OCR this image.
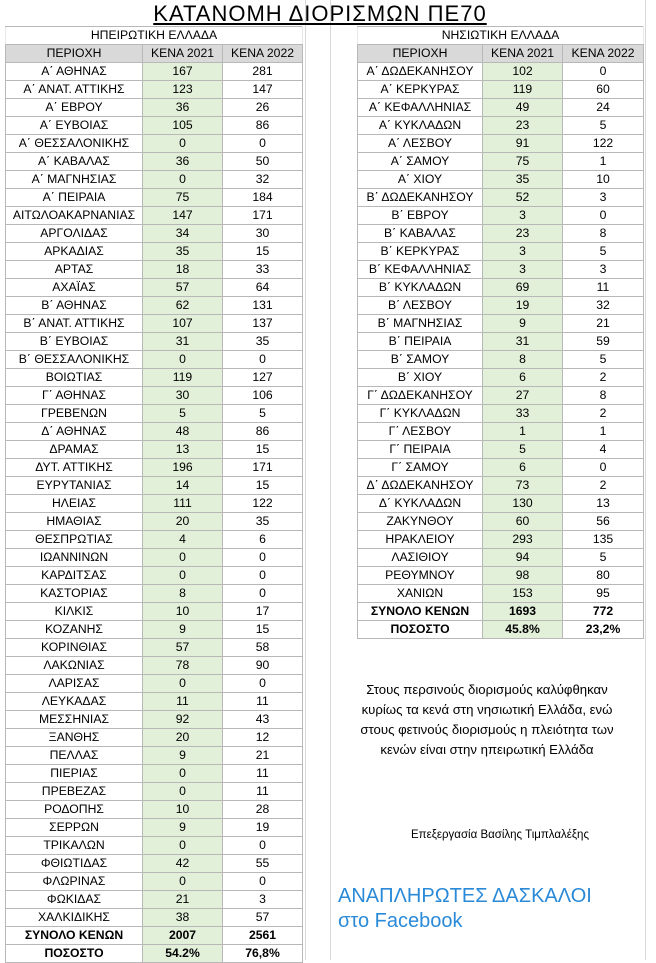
ΚΑΤΑΝΟΜΗ ΔΙΟΡΙΣΜΩΝ ΠΕ70
ΗΠΕΙΡΩΤΙΚΗ ΕΛΛΑΔΑ		
ΠΕΡΙΟΧΗ	ΚΕΝΑ 2021	ΚΕΝΑ 2022
Α΄ ΑΘΗΝΑΣ	167	281
Α΄ ΑΝΑΤ. ΑΤΤΙΚΗΣ	123	147
Α΄ ΕΒΡΟΥ	36	26
Α΄ ΕΥΒΟΙΑΣ	105	86
Α΄ ΘΕΣΣΑΛΟΝΙΚΗΣ	0	0
Α΄ ΚΑΒΑΛΑΣ	36	50
Α΄ ΜΑΓΝΗΣΙΑΣ	0	32
Α΄ ΠΕΙΡΑΙΑ	75	184
ΑΙΤΩΛΟΑΚΑΡΝΑΝΙΑΣ	147	171
ΑΡΓΟΛΙΔΑΣ	34	30
ΑΡΚΑΔΙΑΣ	35	15
ΑΡΤΑΣ	18	33
ΑΧΑΪΑΣ	57	64
Β΄ ΑΘΗΝΑΣ	62	131
Β΄ ΑΝΑΤ. ΑΤΤΙΚΗΣ	107	137
Β΄ ΕΥΒΟΙΑΣ	31	35
Β΄ ΘΕΣΣΑΛΟΝΙΚΗΣ	0	0
ΒΟΙΩΤΙΑΣ	119	127
Γ΄ ΑΘΗΝΑΣ	30	106
ΓΡΕΒΕΝΩΝ	5	5
Δ΄ ΑΘΗΝΑΣ	48	86
ΔΡΑΜΑΣ	13	15
ΔΥΤ. ΑΤΤΙΚΗΣ	196	171
ΕΥΡΥΤΑΝΙΑΣ	14	15
ΗΛΕΙΑΣ	111	122
ΗΜΑΘΙΑΣ	20	35
ΘΕΣΠΡΩΤΙΑΣ	4	6
ΙΩΑΝΝΙΝΩΝ	0	0
ΚΑΡΔΙΤΣΑΣ	0	0
ΚΑΣΤΟΡΙΑΣ	8	0
ΚΙΛΚΙΣ	10	17
ΚΟΖΑΝΗΣ	9	15
ΚΟΡΙΝΘΙΑΣ	57	58
ΛΑΚΩΝΙΑΣ	78	90
ΛΑΡΙΣΑΣ	0	0
ΛΕΥΚΑΔΑΣ	11	11
ΜΕΣΣΗΝΙΑΣ	92	43
ΞΑΝΘΗΣ	20	12
ΠΕΛΛΑΣ	9	21
ΠΙΕΡΙΑΣ	0	11
ΠΡΕΒΕΖΑΣ	0	11
ΡΟΔΟΠΗΣ	10	28
ΣΕΡΡΩΝ	9	19
ΤΡΙΚΑΛΩΝ	0	0
ΦΘΙΩΤΙΔΑΣ	42	55
ΦΛΩΡΙΝΑΣ	0	0
ΦΩΚΙΔΑΣ	21	3
ΧΑΛΚΙΔΙΚΗΣ	38	57
ΣΥΝΟΛΟ ΚΕΝΩΝ	2007	2561
ΠΟΣΟΣΤΟ	54.2%	76,8%
ΝΗΣΙΩΤΙΚΗ ΕΛΛΑΔΑ		
ΠΕΡΙΟΧΗ	ΚΕΝΑ 2021	ΚΕΝΑ 2022
Α΄ ΔΩΔΕΚΑΝΗΣΟΥ	102	0
Α΄ ΚΕΡΚΥΡΑΣ	119	60
Α΄ ΚΕΦΑΛΛΗΝΙΑΣ	49	24
Α΄ ΚΥΚΛΑΔΩΝ	23	5
Α΄ ΛΕΣΒΟΥ	91	122
Α΄ ΣΑΜΟΥ	75	1
Α΄ ΧΙΟΥ	35	10
Β΄ ΔΩΔΕΚΑΝΗΣΟΥ	52	3
Β΄ ΕΒΡΟΥ	3	0
Β΄ ΚΑΒΑΛΑΣ	23	8
Β΄ ΚΕΡΚΥΡΑΣ	3	5
Β΄ ΚΕΦΑΛΛΗΝΙΑΣ	3	3
Β΄ ΚΥΚΛΑΔΩΝ	69	11
Β΄ ΛΕΣΒΟΥ	19	32
Β΄ ΜΑΓΝΗΣΙΑΣ	9	21
Β΄ ΠΕΙΡΑΙΑ	31	59
Β΄ ΣΑΜΟΥ	8	5
Β΄ ΧΙΟΥ	6	2
Γ΄ ΔΩΔΕΚΑΝΗΣΟΥ	27	8
Γ΄ ΚΥΚΛΑΔΩΝ	33	2
Γ΄ ΛΕΣΒΟΥ	1	1
Γ΄ ΠΕΙΡΑΙΑ	5	4
Γ΄ ΣΑΜΟΥ	6	0
Δ΄ ΔΩΔΕΚΑΝΗΣΟΥ	73	2
Δ΄ ΚΥΚΛΑΔΩΝ	130	13
ΖΑΚΥΝΘΟΥ	60	56
ΗΡΑΚΛΕΙΟΥ	293	135
ΛΑΣΙΘΙΟΥ	94	5
ΡΕΘΥΜΝΟΥ	98	80
ΧΑΝΙΩΝ	153	95
ΣΥΝΟΛΟ ΚΕΝΩΝ	1693	772
ΠΟΣΟΣΤΟ	45.8%	23,2%
Στους περσινούς διορισμούς καλύφθηκαν κυρίως τα κενά στη νησιωτική Ελλάδα, ενώ στους φετινούς διορισμούς η πλειότητα των κενών είναι στην ηπειρωτική Ελλάδα
Επεξεργασία Βασίλης Τιμπλαλέξης
ΑΝΑΠΛΗΡΩΤΕΣ ΔΑΣΚΑΛΟΙ
στο Facebook
